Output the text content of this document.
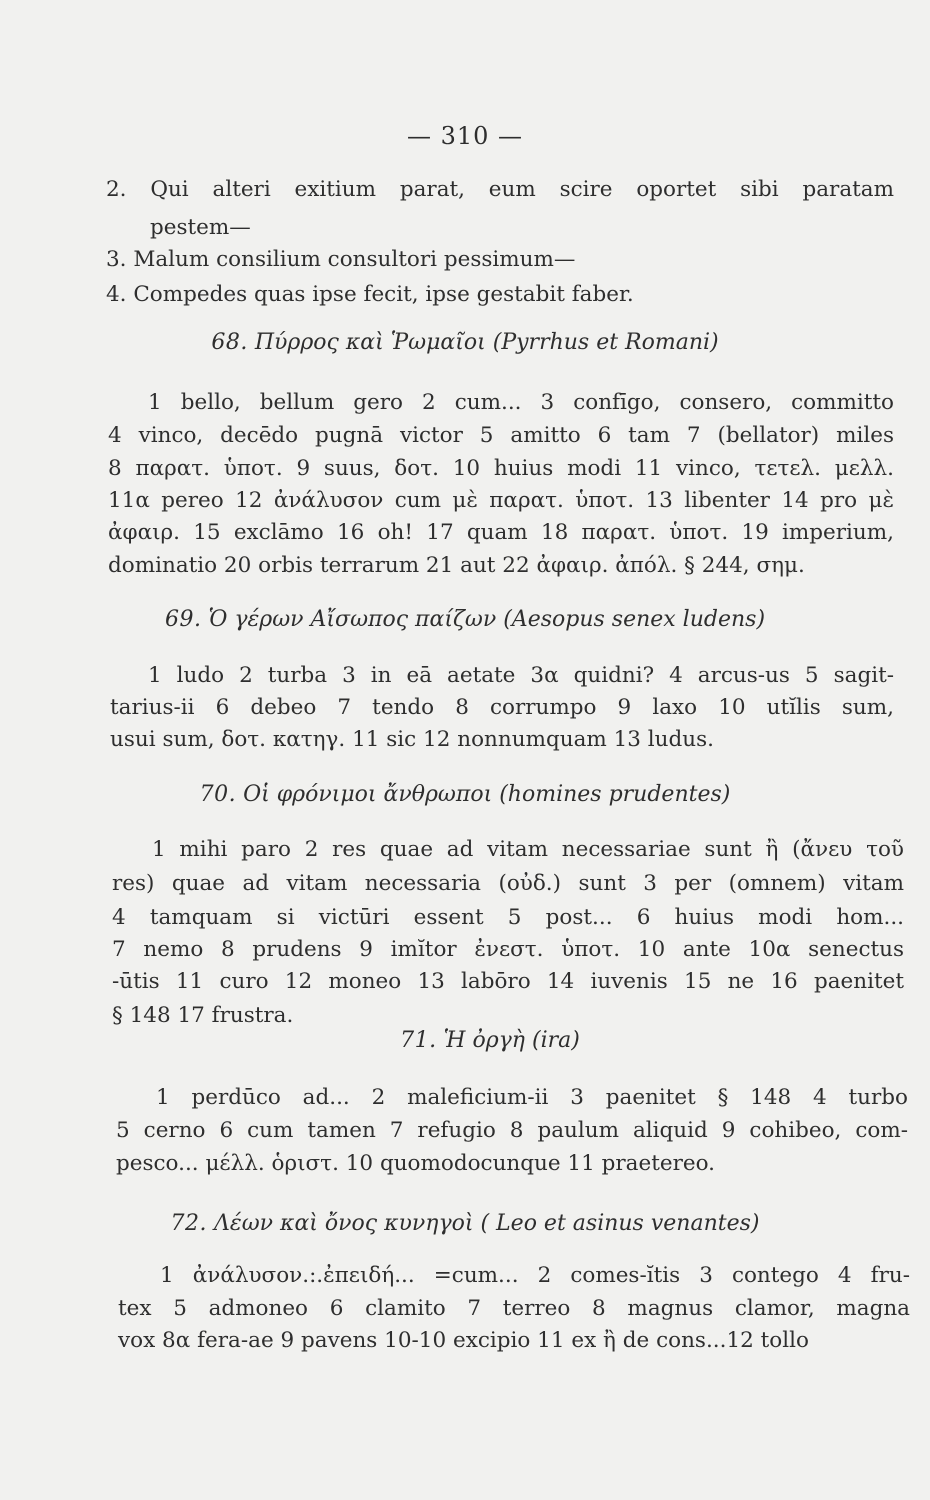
— 310 —
2. Qui alteri exitium parat, eum scire oportet sibi paratam
pestem—
3. Malum consilium consultori pessimum—
4. Compedes quas ipse fecit, ipse gestabit faber.
68. Πύρρος καὶ Ῥωμαῖοι (Pyrrhus et Romani)
1 bello, bellum gero 2 cum... 3 confīgo, consero, committo
4 vinco, decēdo pugnā victor 5 amitto 6 tam 7 (bellator) miles
8 παρατ. ὑποτ. 9 suus, δοτ. 10 huius modi 11 vinco, τετελ. μελλ.
11α pereo 12 ἀνάλυσον cum μὲ παρατ. ὑποτ. 13 libenter 14 pro μὲ
ἀφαιρ. 15 exclāmo 16 oh! 17 quam 18 παρατ. ὑποτ. 19 imperium,
dominatio 20 orbis terrarum 21 aut 22 ἀφαιρ. ἀπόλ. § 244, σημ.
69. Ὁ γέρων Αἴσωπος παίζων (Aesopus senex ludens)
1 ludo 2 turba 3 in eā aetate 3α quidni? 4 arcus-us 5 sagit-
tarius-ii 6 debeo 7 tendo 8 corrumpo 9 laxo 10 utĭlis sum,
usui sum, δοτ. κατηγ. 11 sic 12 nonnumquam 13 ludus.
70. Οἱ φρόνιμοι ἄνθρωποι (homines prudentes)
1 mihi paro 2 res quae ad vitam necessariae sunt ἢ (ἄνευ τοῦ
res) quae ad vitam necessaria (οὐδ.) sunt 3 per (omnem) vitam
4 tamquam si victūri essent 5 post... 6 huius modi hom...
7 nemo 8 prudens 9 imĭtor ἐνεστ. ὑποτ. 10 ante 10α senectus
-ūtis 11 curo 12 moneo 13 labōro 14 iuvenis 15 ne 16 paenitet
§ 148 17 frustra.
71. Ἡ ὀργὴ (ira)
1 perdūco ad... 2 maleficium-ii 3 paenitet § 148 4 turbo
5 cerno 6 cum tamen 7 refugio 8 paulum aliquid 9 cohibeo, com-
pesco... μέλλ. ὁριστ. 10 quomodocunque 11 praetereo.
72. Λέων καὶ ὄνος κυνηγοὶ ( Leo et asinus venantes)
1 ἀνάλυσον.:.ἐπειδή... =cum... 2 comes-ĭtis 3 contego 4 fru-
tex 5 admoneo 6 clamito 7 terreo 8 magnus clamor, magna
vox 8α fera-ae 9 pavens 10-10 excipio 11 ex ἢ de cons...12 tollo
